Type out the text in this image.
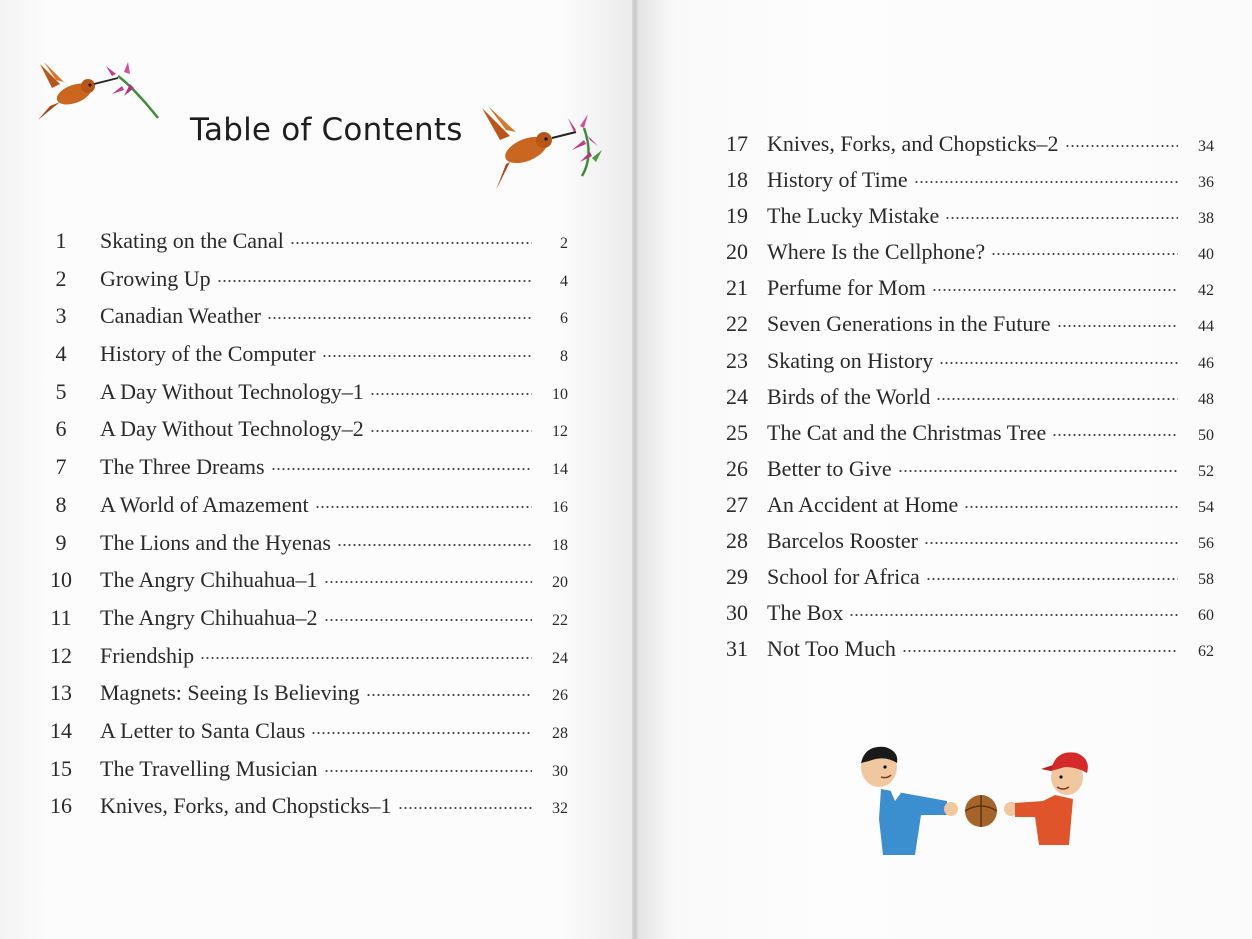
Table of Contents
1	Skating on the Canal	2
2	Growing Up	4
3	Canadian Weather	6
4	History of the Computer	8
5	A Day Without Technology–1	10
6	A Day Without Technology–2	12
7	The Three Dreams	14
8	A World of Amazement	16
9	The Lions and the Hyenas	18
10 The Angry Chihuahua–1	20
11 The Angry Chihuahua–2	22
12 Friendship	24
13 Magnets: Seeing Is Believing	26
14 A Letter to Santa Claus	28
15 The Travelling Musician	30
16 Knives, Forks, and Chopsticks–1	32
17 Knives, Forks, and Chopsticks–2	34
18 History of Time	36
19 The Lucky Mistake	38
20 Where Is the Cellphone?	40
21 Perfume for Mom	42
22 Seven Generations in the Future	44
23 Skating on History	46
24 Birds of the World	48
25 The Cat and the Christmas Tree	50
26 Better to Give	52
27 An Accident at Home	54
28 Barcelos Rooster	56
29 School for Africa	58
30 The Box	60
31 Not Too Much	62
